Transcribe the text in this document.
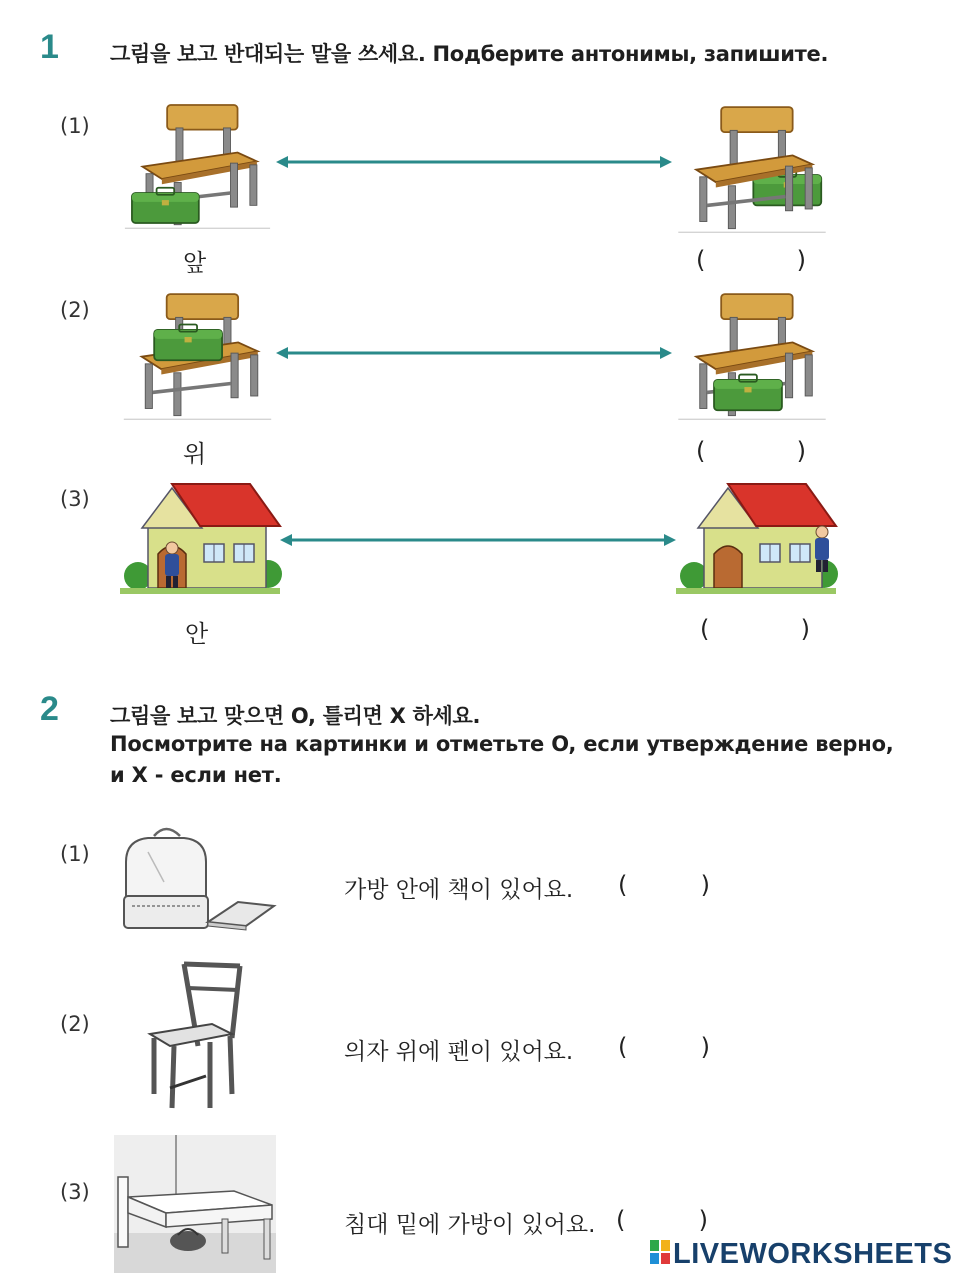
1 그림을 보고 반대되는 말을 쓰세요. Подберите антонимы, запишите.
(1)
앞	(	)
(2)
위	(	)
(3)
안	(	)
2 그림을 보고 맞으면 O, 틀리면 X 하세요.
Посмотрите на картинки и отметьте O, если утверждение верно,
и X - если нет.
(1)
가방 안에 책이 있어요. (	)
(2)
의자 위에 펜이 있어요. (	)
(3)
침대 밑에 가방이 있어요. (	)
LIVEWORKSHEETS
